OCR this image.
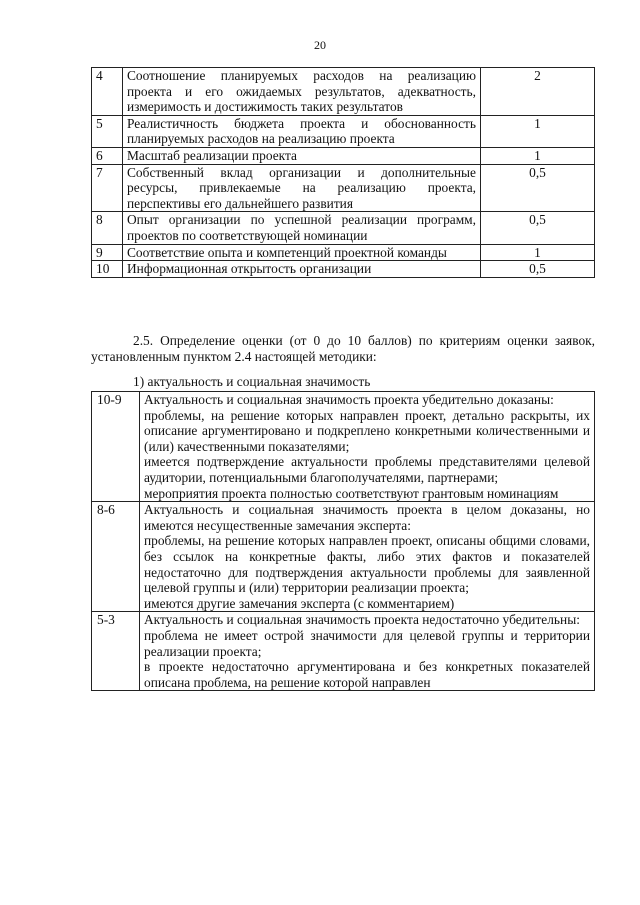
20
4	Соотношение планируемых расходов на реализацию проекта и его ожидаемых результатов, адекватность, измеримость и достижимость таких результатов	2
5	Реалистичность бюджета проекта и обоснованность планируемых расходов на реализацию проекта	1
6	Масштаб реализации проекта	1
7	Собственный вклад организации и дополнительные ресурсы, привлекаемые на реализацию проекта, перспективы его дальнейшего развития	0,5
8	Опыт организации по успешной реализации программ, проектов по соответствующей номинации	0,5
9	Соответствие опыта и компетенций проектной команды	1
10	Информационная открытость организации	0,5
2.5. Определение оценки (от 0 до 10 баллов) по критериям оценки заявок, установленным пунктом 2.4 настоящей методики:
1) актуальность и социальная значимость
10-9	Актуальность и социальная значимость проекта убедительно доказаны:
проблемы, на решение которых направлен проект, детально раскрыты, их описание аргументировано и подкреплено конкретными количественными и (или) качественными показателями;
имеется подтверждение актуальности проблемы представителями целевой аудитории, потенциальными благополучателями, партнерами;
мероприятия проекта полностью соответствуют грантовым номинациям

8-6	Актуальность и социальная значимость проекта в целом доказаны, но имеются несущественные замечания эксперта:
проблемы, на решение которых направлен проект, описаны общими словами, без ссылок на конкретные факты, либо этих фактов и показателей недостаточно для подтверждения актуальности проблемы для заявленной целевой группы и (или) территории реализации проекта;
имеются другие замечания эксперта (с комментарием)

5-3	Актуальность и социальная значимость проекта недостаточно убедительны:
проблема не имеет острой значимости для целевой группы и территории реализации проекта;
в проекте недостаточно аргументирована и без конкретных показателей описана проблема, на решение которой направлен
